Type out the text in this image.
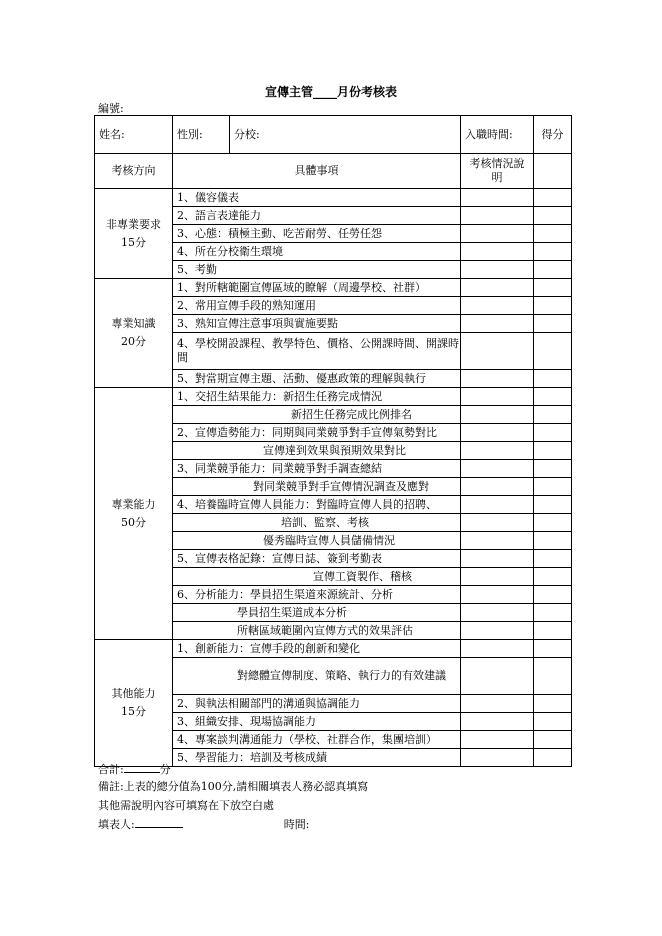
宣傳主管____月份考核表
編號:
姓名:	性別:	分校:	入職時間:	得分
考核方向	具體事項		考核情況說明	

非專業要求
15分	1、儀容儀表			

	2、語言表達能力			

	3、心態：積極主動、吃苦耐勞、任勞任怨			

	4、所在分校衛生環境			

	5、考勤			

專業知識
20分	1、對所轄範圍宣傳區域的瞭解（周邊學校、社群）			

	2、常用宣傳手段的熟知運用			

	3、熟知宣傳注意事項與實施要點			

	4、學校開設課程、教學特色、價格、公開課時間、開課時間			

	5、對當期宣傳主題、活動、優惠政策的理解與執行			

專業能力
50分	1、交招生結果能力：新招生任務完成情況			

	新招生任務完成比例排名			

	2、宣傳造勢能力：同期與同業競爭對手宣傳氣勢對比			

	宣傳達到效果與預期效果對比			

	3、同業競爭能力：同業競爭對手調查總結			

	對同業競爭對手宣傳情況調查及應對			

	4、培養臨時宣傳人員能力：對臨時宣傳人員的招聘、			

	培訓、監察、考核			

	優秀臨時宣傳人員儲備情況			

	5、宣傳表格記錄：宣傳日誌、簽到考勤表			

	宣傳工資製作、稽核			

	6、分析能力：學員招生渠道來源統計、分析			

	學員招生渠道成本分析			

	所轄區域範圍內宣傳方式的效果評估			

其他能力
15分	1、創新能力：宣傳手段的創新和變化			

	對總體宣傳制度、策略、執行力的有效建議			

	2、與執法相關部門的溝通與協調能力			

	3、組織安排、現場協調能力			

	4、專案談判溝通能力（學校、社群合作，集團培訓）			

	5、學習能力：培訓及考核成績			

合計:	分
備註:上表的總分值為100分,請相關填表人務必認真填寫
其他需說明內容可填寫在下放空白處
填表人:	時間:
